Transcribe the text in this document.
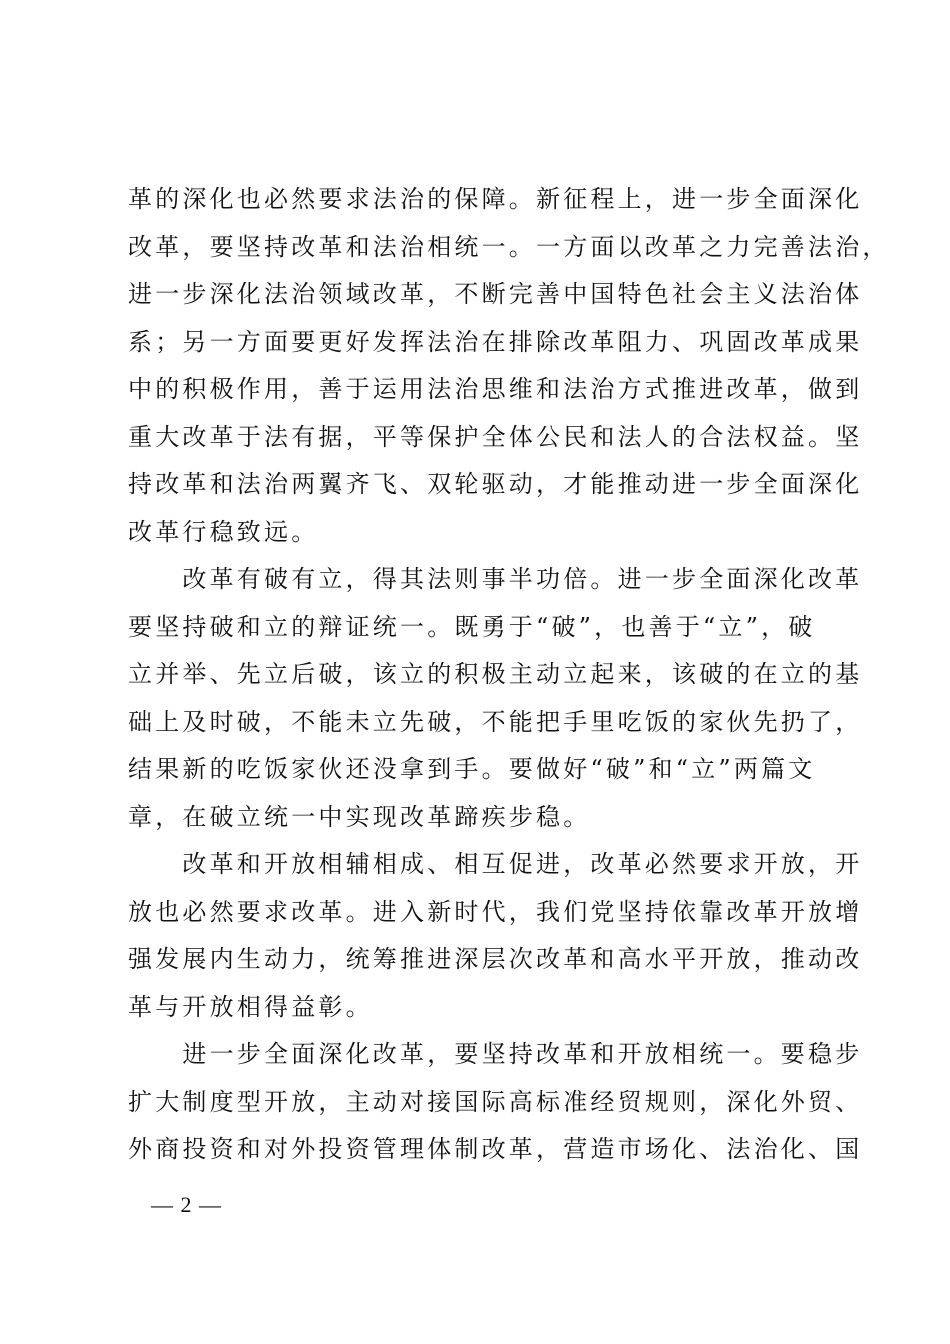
革的深化也必然要求法治的保障。新征程上，进一步全面深化
改革，要坚持改革和法治相统一。一方面以改革之力完善法治，
进一步深化法治领域改革，不断完善中国特色社会主义法治体
系；另一方面要更好发挥法治在排除改革阻力、巩固改革成果
中的积极作用，善于运用法治思维和法治方式推进改革，做到
重大改革于法有据，平等保护全体公民和法人的合法权益。坚
持改革和法治两翼齐飞、双轮驱动，才能推动进一步全面深化
改革行稳致远。
　　改革有破有立，得其法则事半功倍。进一步全面深化改革
要坚持破和立的辩证统一。既勇于“破”，也善于“立”，破
立并举、先立后破，该立的积极主动立起来，该破的在立的基
础上及时破，不能未立先破，不能把手里吃饭的家伙先扔了，
结果新的吃饭家伙还没拿到手。要做好“破”和“立”两篇文
章，在破立统一中实现改革蹄疾步稳。
　　改革和开放相辅相成、相互促进，改革必然要求开放，开
放也必然要求改革。进入新时代，我们党坚持依靠改革开放增
强发展内生动力，统筹推进深层次改革和高水平开放，推动改
革与开放相得益彰。
　　进一步全面深化改革，要坚持改革和开放相统一。要稳步
扩大制度型开放，主动对接国际高标准经贸规则，深化外贸、
外商投资和对外投资管理体制改革，营造市场化、法治化、国
— 2 —
